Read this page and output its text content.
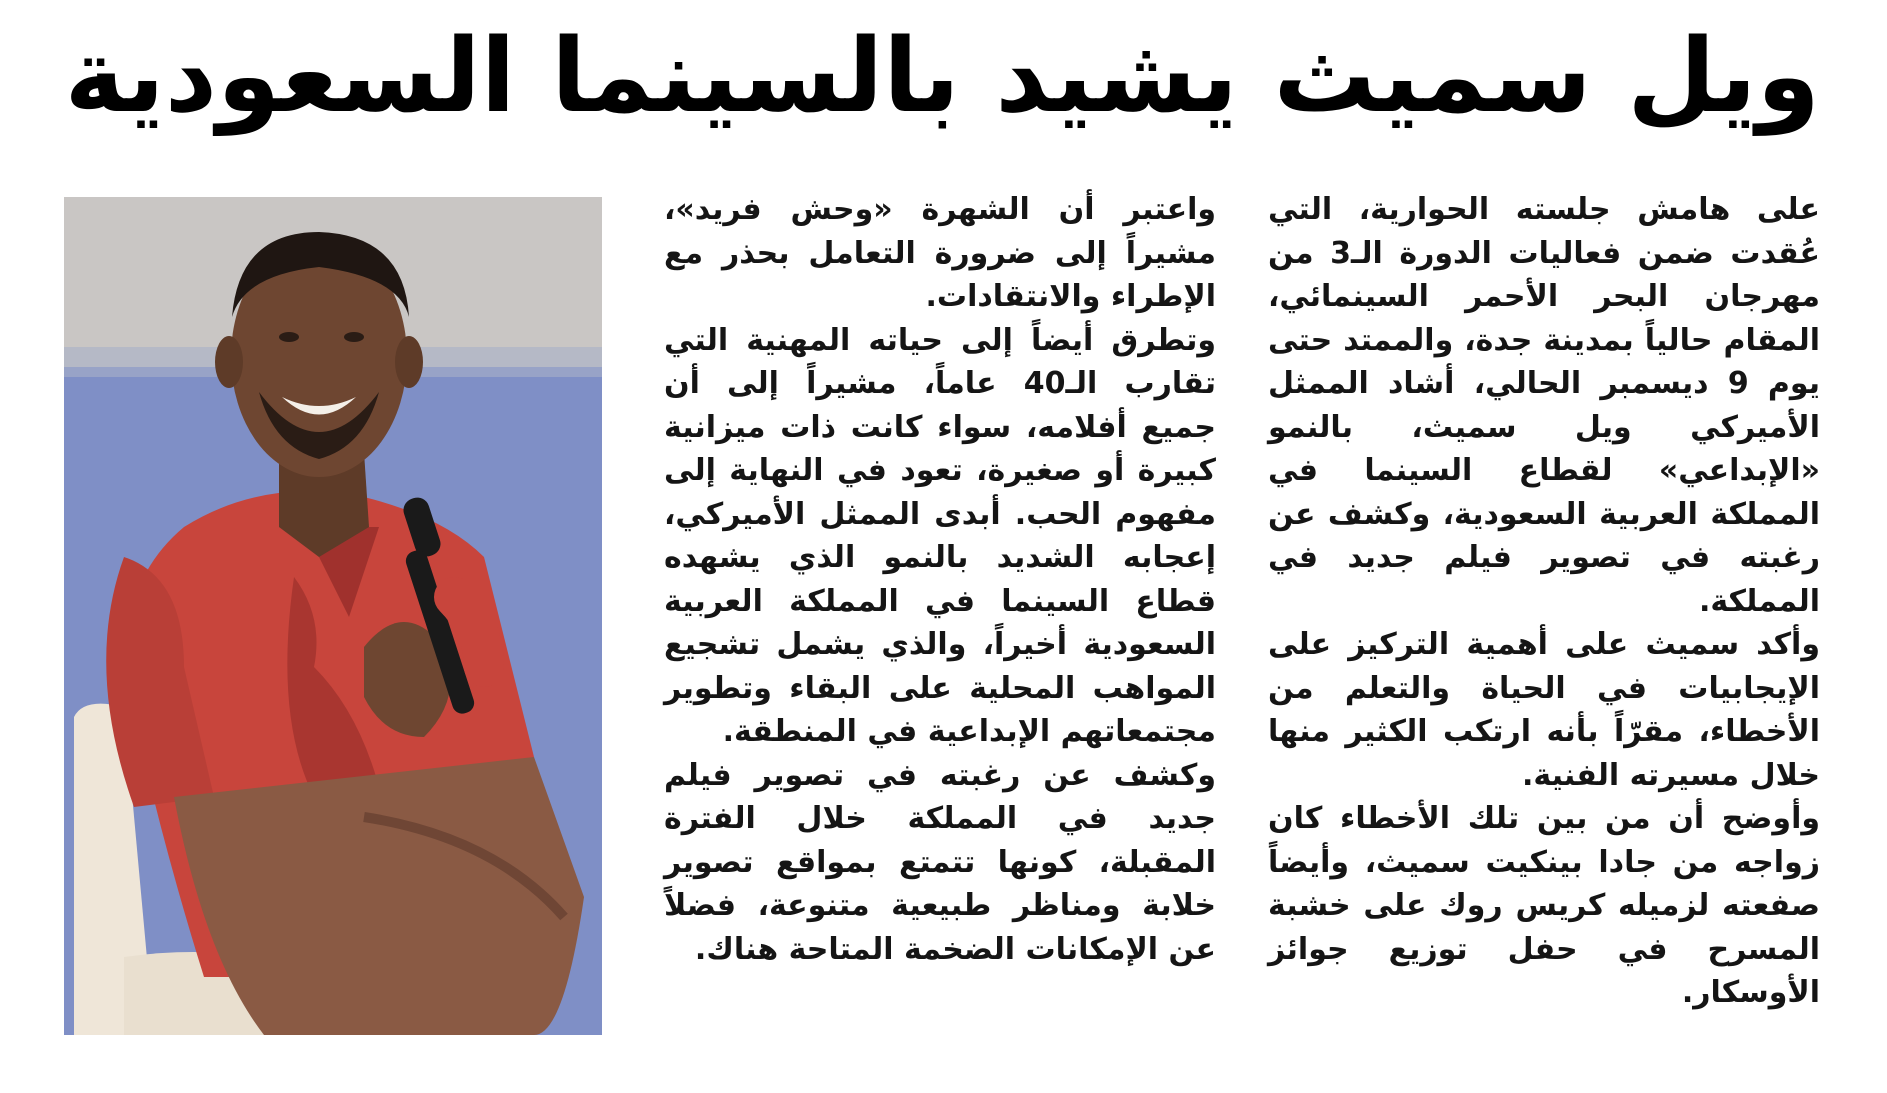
ويل سميث يشيد بالسينما السعودية

على هامش جلسته الحوارية، التي عُقدت ضمن فعاليات الدورة الـ3 من مهرجان البحر الأحمر السينمائي، المقام حالياً بمدينة جدة، والممتد حتى يوم 9 ديسمبر الحالي، أشاد الممثل الأميركي ويل سميث، بالنمو «الإبداعي» لقطاع السينما في المملكة العربية السعودية، وكشف عن رغبته في تصوير فيلم جديد في المملكة.

وأكد سميث على أهمية التركيز على الإيجابيات في الحياة والتعلم من الأخطاء، مقرّاً بأنه ارتكب الكثير منها خلال مسيرته الفنية.

وأوضح أن من بين تلك الأخطاء كان زواجه من جادا بينكيت سميث، وأيضاً صفعته لزميله كريس روك على خشبة المسرح في حفل توزيع جوائز الأوسكار.

واعتبر أن الشهرة «وحش فريد»، مشيراً إلى ضرورة التعامل بحذر مع الإطراء والانتقادات.

وتطرق أيضاً إلى حياته المهنية التي تقارب الـ40 عاماً، مشيراً إلى أن جميع أفلامه، سواء كانت ذات ميزانية كبيرة أو صغيرة، تعود في النهاية إلى مفهوم الحب. أبدى الممثل الأميركي، إعجابه الشديد بالنمو الذي يشهده قطاع السينما في المملكة العربية السعودية أخيراً، والذي يشمل تشجيع المواهب المحلية على البقاء وتطوير مجتمعاتهم الإبداعية في المنطقة.

وكشف عن رغبته في تصوير فيلم جديد في المملكة خلال الفترة المقبلة، كونها تتمتع بمواقع تصوير خلابة ومناظر طبيعية متنوعة، فضلاً عن الإمكانات الضخمة المتاحة هناك.
